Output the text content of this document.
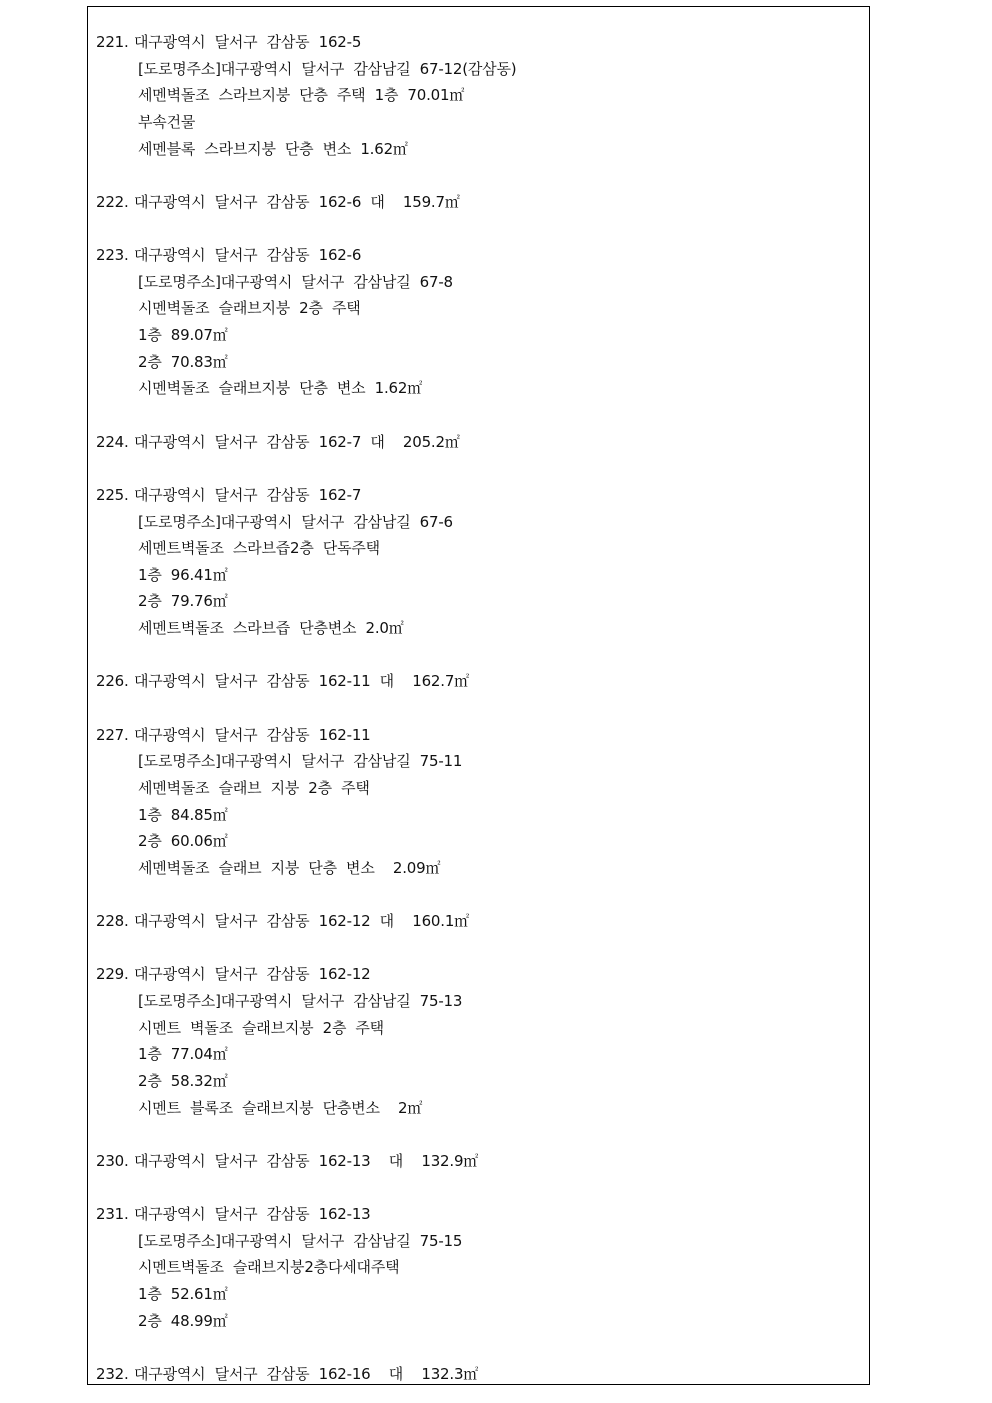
221. 대구광역시  달서구  감삼동  162-5
[도로명주소]대구광역시  달서구  감삼남길  67-12(감삼동)
세멘벽돌조  스라브지붕  단층  주택  1층  70.01㎡
부속건물
세멘블록  스라브지붕  단층  변소  1.62㎡
222. 대구광역시  달서구  감삼동  162-6  대    159.7㎡
223. 대구광역시  달서구  감삼동  162-6
[도로명주소]대구광역시  달서구  감삼남길  67-8
시멘벽돌조  슬래브지붕  2층  주택
1층  89.07㎡
2층  70.83㎡
시멘벽돌조  슬래브지붕  단층  변소  1.62㎡
224. 대구광역시  달서구  감삼동  162-7  대    205.2㎡
225. 대구광역시  달서구  감삼동  162-7
[도로명주소]대구광역시  달서구  감삼남길  67-6
세멘트벽돌조  스라브즙2층  단독주택
1층  96.41㎡
2층  79.76㎡
세멘트벽돌조  스라브즙  단층변소  2.0㎡
226. 대구광역시  달서구  감삼동  162-11  대    162.7㎡
227. 대구광역시  달서구  감삼동  162-11
[도로명주소]대구광역시  달서구  감삼남길  75-11
세멘벽돌조  슬래브  지붕  2층  주택
1층  84.85㎡
2층  60.06㎡
세멘벽돌조  슬래브  지붕  단층  변소    2.09㎡
228. 대구광역시  달서구  감삼동  162-12  대    160.1㎡
229. 대구광역시  달서구  감삼동  162-12
[도로명주소]대구광역시  달서구  감삼남길  75-13
시멘트  벽돌조  슬래브지붕  2층  주택
1층  77.04㎡
2층  58.32㎡
시멘트  블록조  슬래브지붕  단층변소    2㎡
230. 대구광역시  달서구  감삼동  162-13    대    132.9㎡
231. 대구광역시  달서구  감삼동  162-13
[도로명주소]대구광역시  달서구  감삼남길  75-15
시멘트벽돌조  슬래브지붕2층다세대주택
1층  52.61㎡
2층  48.99㎡
232. 대구광역시  달서구  감삼동  162-16    대    132.3㎡
